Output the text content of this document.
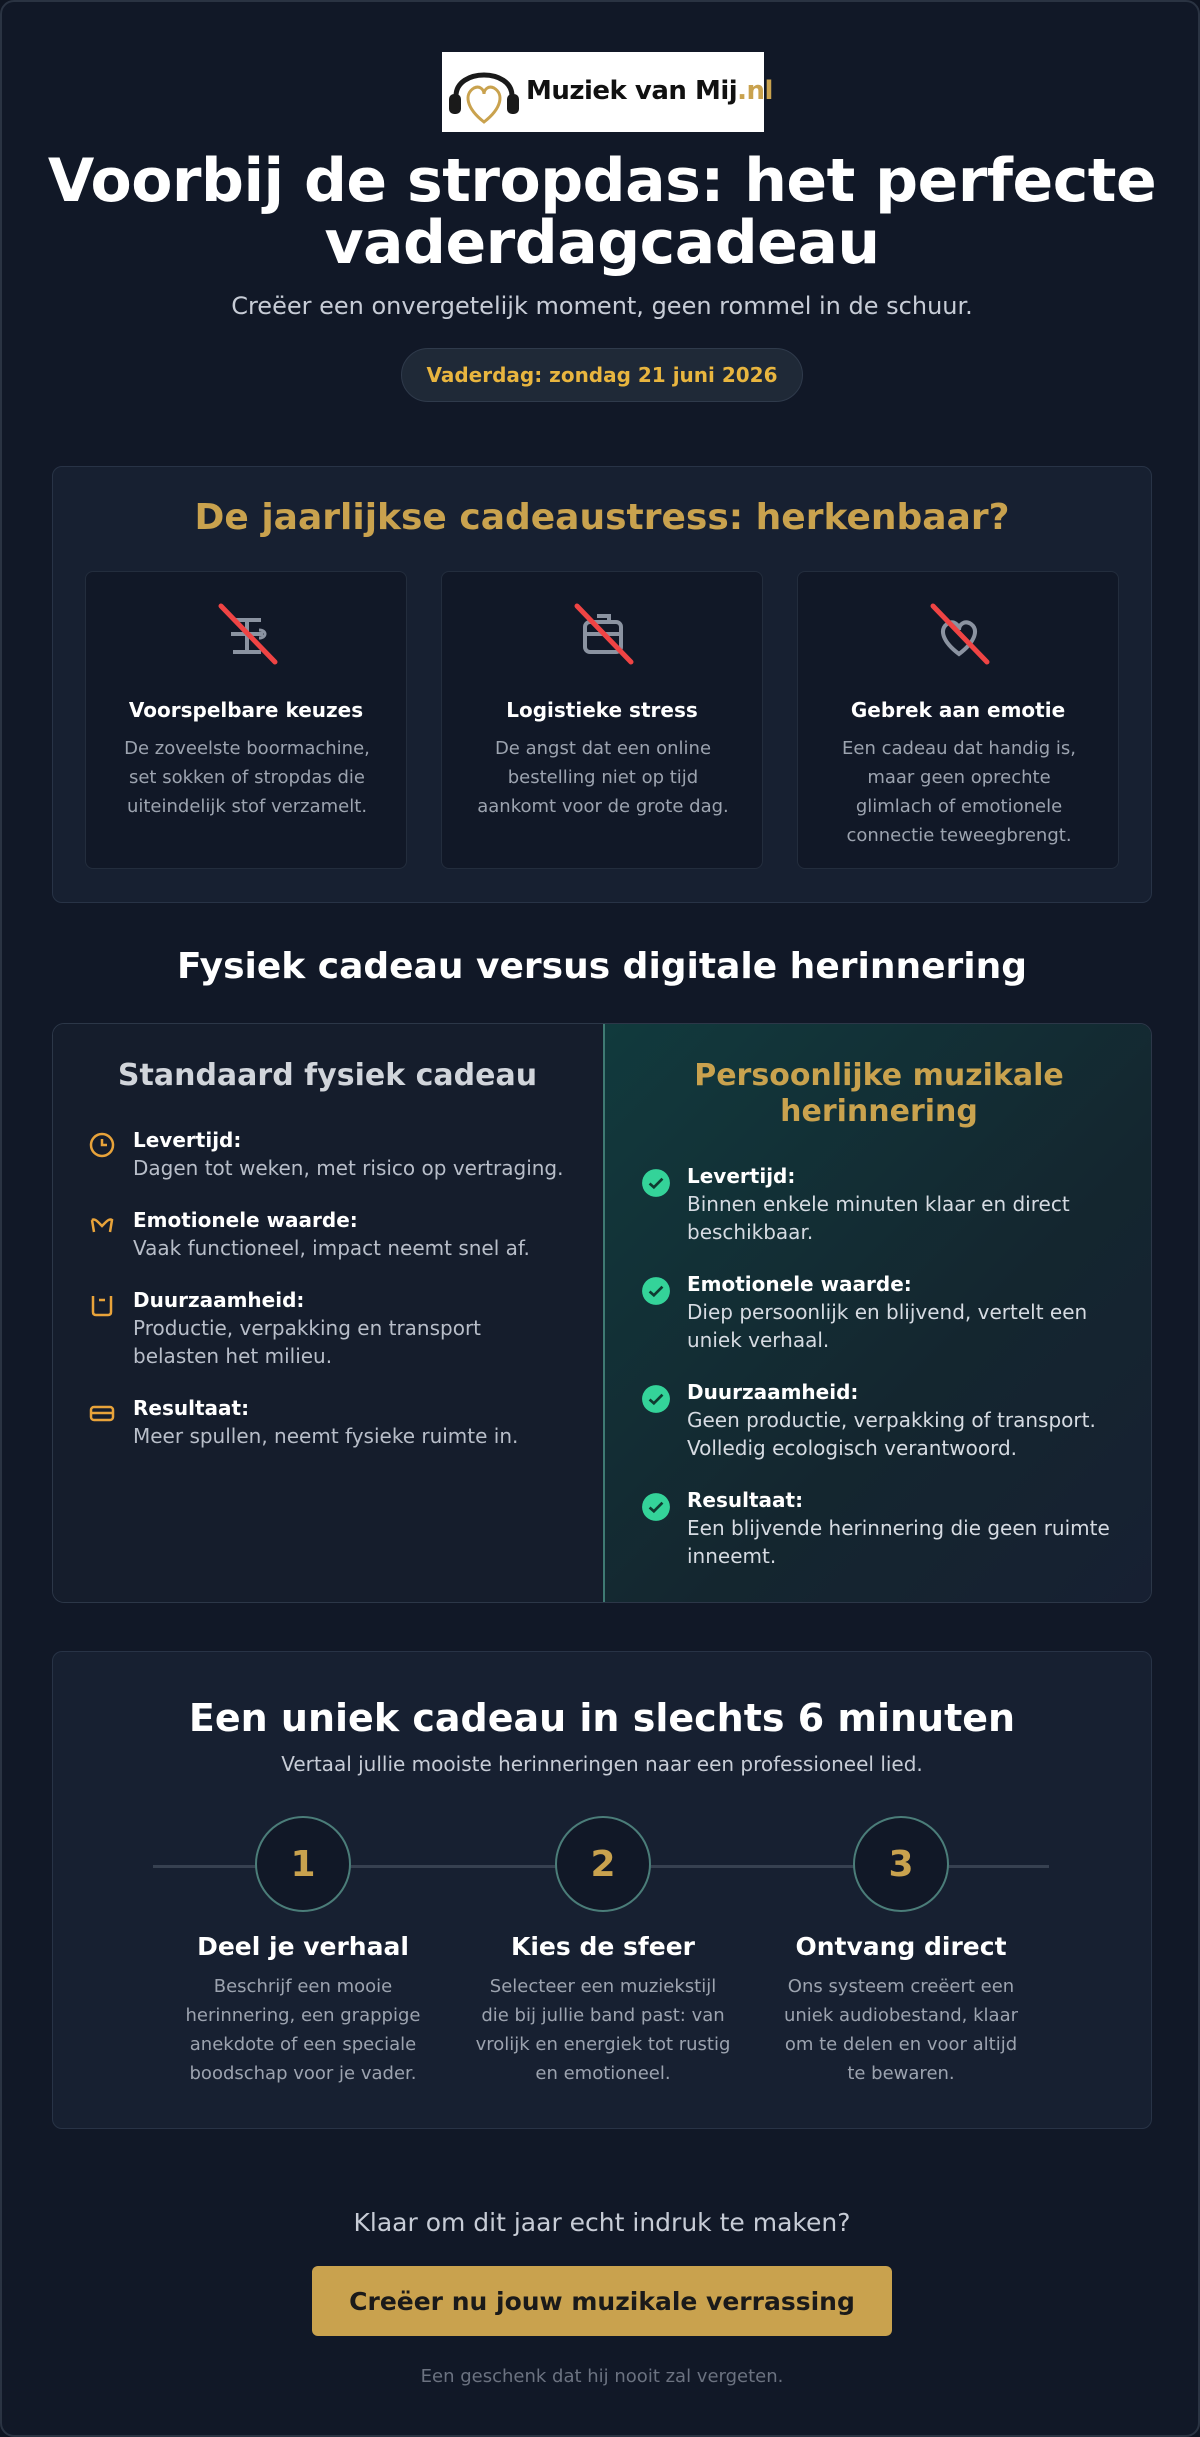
Muziek van Mij.nl
Voorbij de stropdas: het perfecte vaderdagcadeau
Creëer een onvergetelijk moment, geen rommel in de schuur.
Vaderdag: zondag 21 juni 2026
De jaarlijkse cadeaustress: herkenbaar?
Voorspelbare keuzes
De zoveelste boormachine, set sokken of stropdas die uiteindelijk stof verzamelt.
Logistieke stress
De angst dat een online bestelling niet op tijd aankomt voor de grote dag.
Gebrek aan emotie
Een cadeau dat handig is, maar geen oprechte glimlach of emotionele connectie teweegbrengt.
Fysiek cadeau versus digitale herinnering
Standaard fysiek cadeau
Levertijd:
Dagen tot weken, met risico op vertraging.
Emotionele waarde:
Vaak functioneel, impact neemt snel af.
Duurzaamheid:
Productie, verpakking en transport belasten het milieu.
Resultaat:
Meer spullen, neemt fysieke ruimte in.
Persoonlijke muzikale herinnering
Levertijd:
Binnen enkele minuten klaar en direct beschikbaar.
Emotionele waarde:
Diep persoonlijk en blijvend, vertelt een uniek verhaal.
Duurzaamheid:
Geen productie, verpakking of transport. Volledig ecologisch verantwoord.
Resultaat:
Een blijvende herinnering die geen ruimte inneemt.
Een uniek cadeau in slechts 6 minuten
Vertaal jullie mooiste herinneringen naar een professioneel lied.
1
Deel je verhaal
Beschrijf een mooie herinnering, een grappige anekdote of een speciale boodschap voor je vader.
2
Kies de sfeer
Selecteer een muziekstijl die bij jullie band past: van vrolijk en energiek tot rustig en emotioneel.
3
Ontvang direct
Ons systeem creëert een uniek audiobestand, klaar om te delen en voor altijd te bewaren.
Klaar om dit jaar echt indruk te maken?
Creëer nu jouw muzikale verrassing
Een geschenk dat hij nooit zal vergeten.
